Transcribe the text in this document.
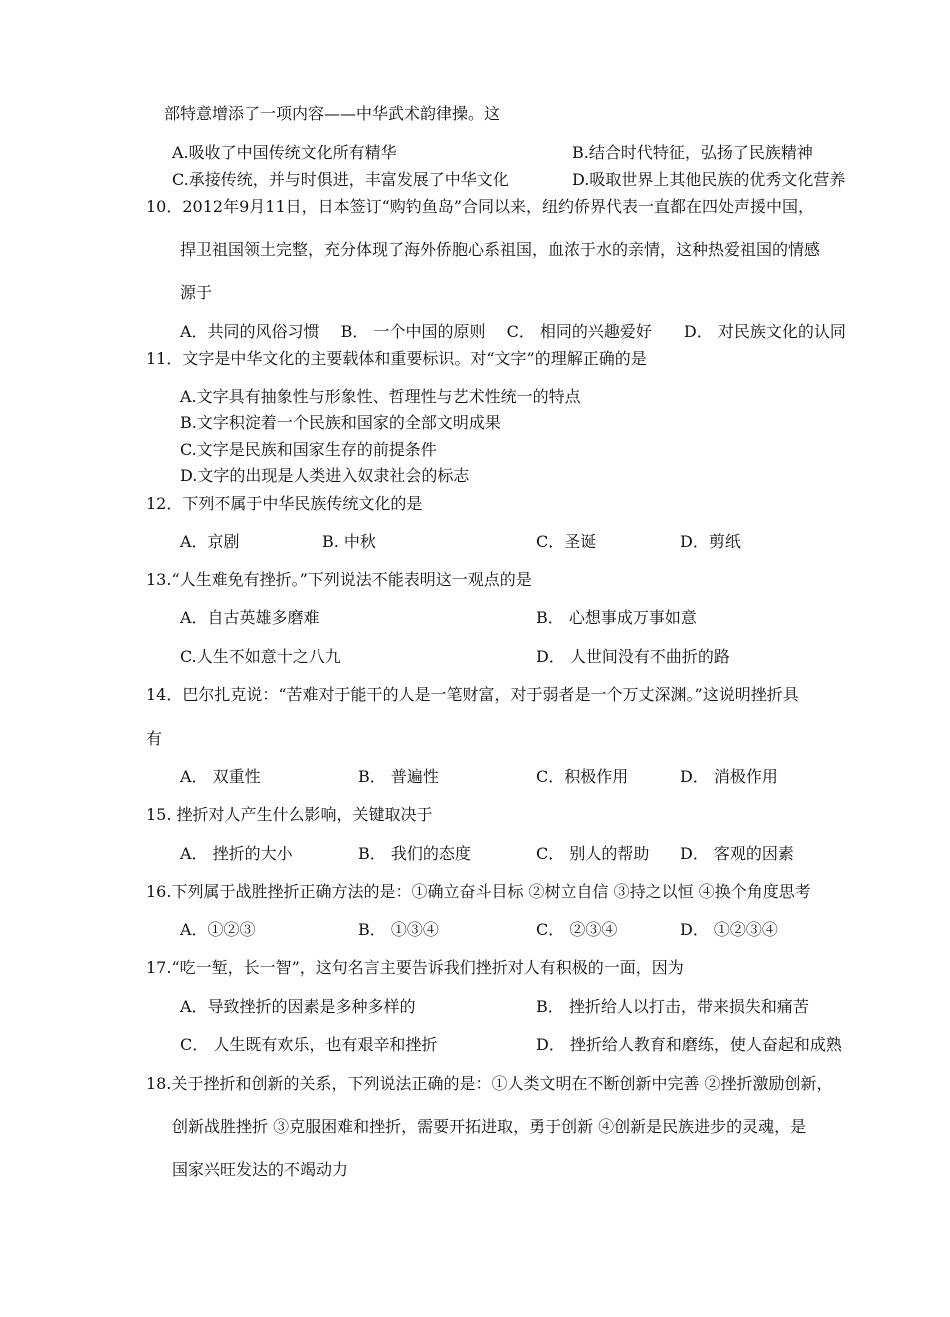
部特意增添了一项内容——中华武术韵律操。这
A.吸收了中国传统文化所有精华	B.结合时代特征，弘扬了民族精神
C.承接传统，并与时俱进，丰富发展了中华文化	D.吸取世界上其他民族的优秀文化营养
10．2012年9月11日，日本签订“购钓鱼岛”合同以来，纽约侨界代表一直都在四处声援中国，
捍卫祖国领土完整，充分体现了海外侨胞心系祖国，血浓于水的亲情，这种热爱祖国的情感
源于
A．共同的风俗习惯　 B． 一个中国的原则　 C． 相同的兴趣爱好　　D． 对民族文化的认同
11．文字是中华文化的主要载体和重要标识。对“文字”的理解正确的是
A.文字具有抽象性与形象性、哲理性与艺术性统一的特点
B.文字积淀着一个民族和国家的全部文明成果
C.文字是民族和国家生存的前提条件
D.文字的出现是人类进入奴隶社会的标志
12．下列不属于中华民族传统文化的是
A．京剧	B. 中秋	C．圣诞	D．剪纸
13.“人生难免有挫折。”下列说法不能表明这一观点的是
A．自古英雄多磨难	B． 心想事成万事如意
C.人生不如意十之八九	D． 人世间没有不曲折的路
14．巴尔扎克说：“苦难对于能干的人是一笔财富，对于弱者是一个万丈深渊。”这说明挫折具
有
A． 双重性	B． 普遍性	C．积极作用	D． 消极作用
15. 挫折对人产生什么影响，关键取决于
A． 挫折的大小	B． 我们的态度	C． 别人的帮助 D． 客观的因素
16.下列属于战胜挫折正确方法的是：①确立奋斗目标 ②树立自信 ③持之以恒 ④换个角度思考
A．①②③	B． ①③④	C． ②③④	D． ①②③④
17.“吃一堑，长一智”，这句名言主要告诉我们挫折对人有积极的一面，因为
A．导致挫折的因素是多种多样的	B． 挫折给人以打击，带来损失和痛苦
C． 人生既有欢乐，也有艰辛和挫折	D． 挫折给人教育和磨练，使人奋起和成熟
18.关于挫折和创新的关系，下列说法正确的是：①人类文明在不断创新中完善 ②挫折激励创新，
创新战胜挫折 ③克服困难和挫折，需要开拓进取，勇于创新 ④创新是民族进步的灵魂，是
国家兴旺发达的不竭动力
